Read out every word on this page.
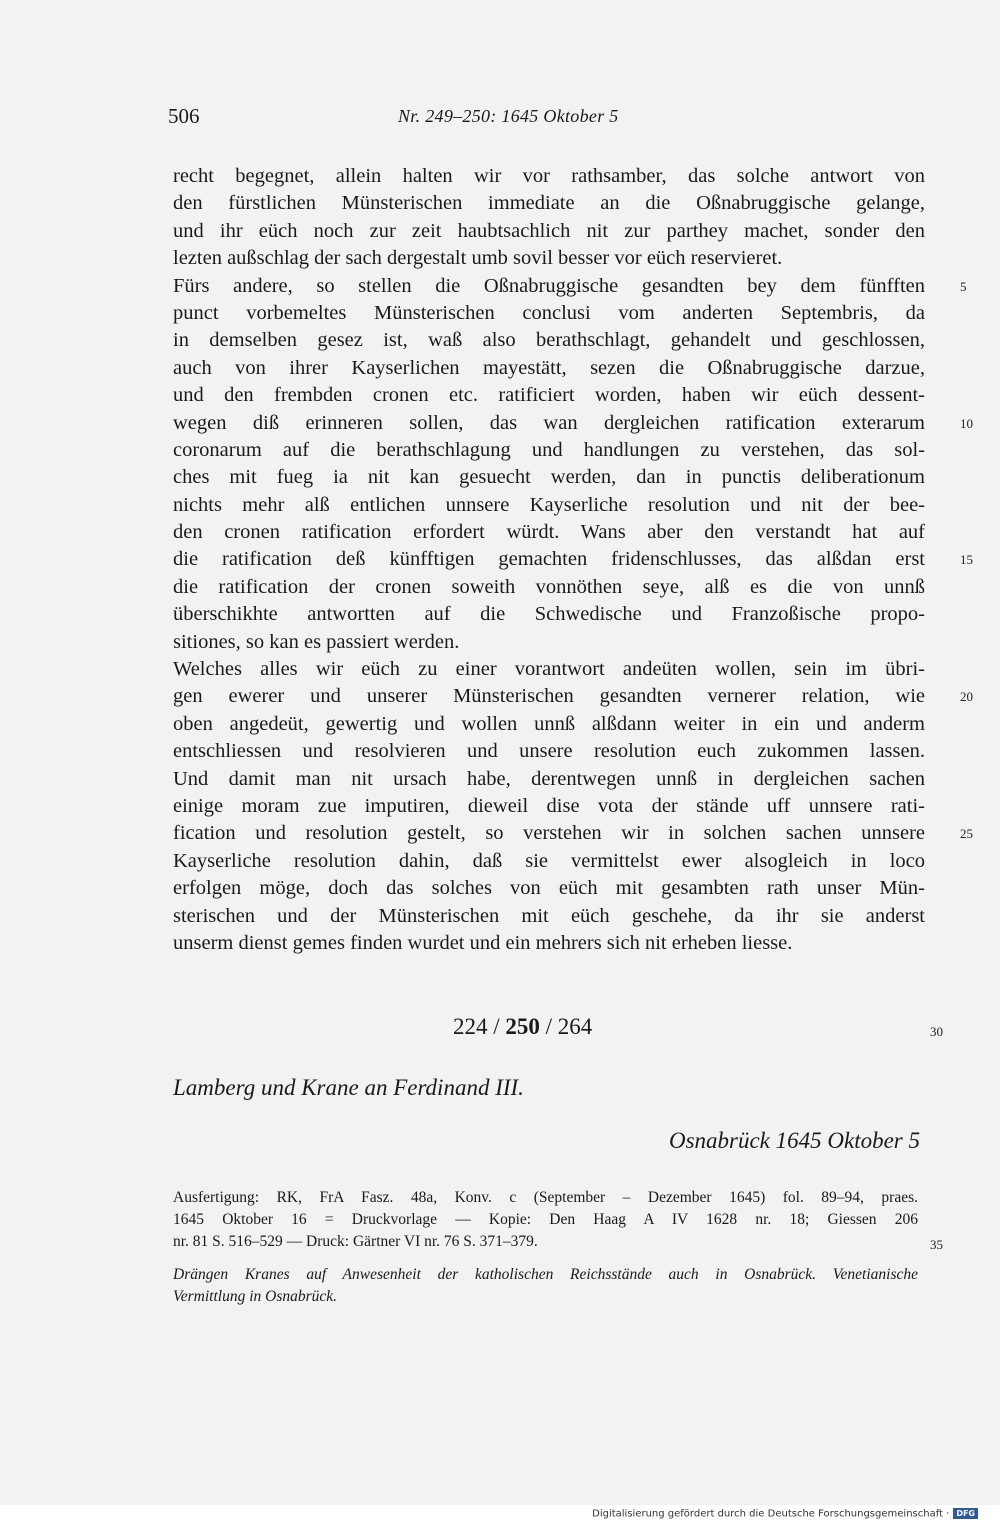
506	Nr. 249–250: 1645 Oktober 5
recht begegnet, allein halten wir vor rathsamber, das solche antwort von
den fürstlichen Münsterischen immediate an die Oßnabruggische gelange,
und ihr eüch noch zur zeit haubtsachlich nit zur parthey machet, sonder den
lezten außschlag der sach dergestalt umb sovil besser vor eüch reservieret.
Fürs andere, so stellen die Oßnabruggische gesandten bey dem fünfften	5
punct vorbemeltes Münsterischen conclusi vom anderten Septembris, da
in demselben gesez ist, waß also berathschlagt, gehandelt und geschlossen,
auch von ihrer Kayserlichen mayestätt, sezen die Oßnabruggische darzue,
und den frembden cronen etc. ratificiert worden, haben wir eüch dessent-
wegen diß erinneren sollen, das wan dergleichen ratification exterarum	10
coronarum auf die berathschlagung und handlungen zu verstehen, das sol-
ches mit fueg ia nit kan gesuecht werden, dan in punctis deliberationum
nichts mehr alß entlichen unnsere Kayserliche resolution und nit der bee-
den cronen ratification erfordert würdt. Wans aber den verstandt hat auf
die ratification deß künfftigen gemachten fridenschlusses, das alßdan erst	15
die ratification der cronen soweith vonnöthen seye, alß es die von unnß
überschikhte antwortten auf die Schwedische und Franzoßische propo-
sitiones, so kan es passiert werden.
Welches alles wir eüch zu einer vorantwort andeüten wollen, sein im übri-
gen ewerer und unserer Münsterischen gesandten vernerer relation, wie	20
oben angedeüt, gewertig und wollen unnß alßdann weiter in ein und anderm
entschliessen und resolvieren und unsere resolution euch zukommen lassen.
Und damit man nit ursach habe, derentwegen unnß in dergleichen sachen
einige moram zue imputiren, dieweil dise vota der stände uff unnsere rati-
fication und resolution gestelt, so verstehen wir in solchen sachen unnsere	25
Kayserliche resolution dahin, daß sie vermittelst ewer alsogleich in loco
erfolgen möge, doch das solches von eüch mit gesambten rath unser Mün-
sterischen und der Münsterischen mit eüch geschehe, da ihr sie anderst
unserm dienst gemes finden wurdet und ein mehrers sich nit erheben liesse.
224 / 250 / 264	30
Lamberg und Krane an Ferdinand III.
Osnabrück 1645 Oktober 5
Ausfertigung: RK, FrA Fasz. 48a, Konv. c (September – Dezember 1645) fol. 89–94, praes.
1645 Oktober 16 = Druckvorlage — Kopie: Den Haag A IV 1628 nr. 18; Giessen 206
nr. 81 S. 516–529 — Druck: Gärtner VI nr. 76 S. 371–379.	35
Drängen Kranes auf Anwesenheit der katholischen Reichsstände auch in Osnabrück. Venetianische
Vermittlung in Osnabrück.
Digitalisierung gefördert durch die Deutsche Forschungsgemeinschaft · DFG
